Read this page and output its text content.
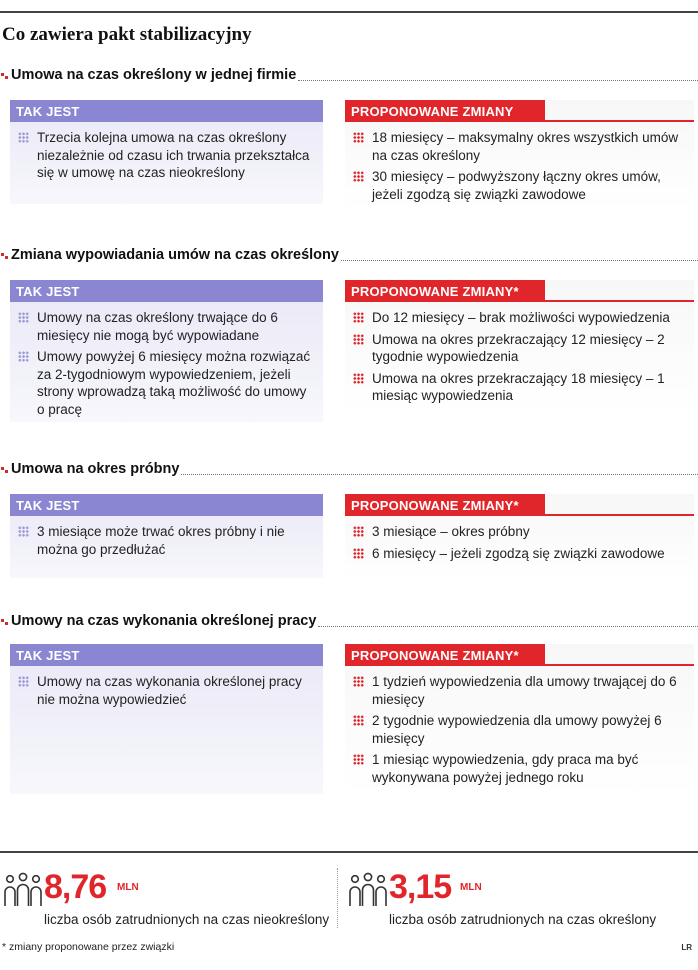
Co zawiera pakt stabilizacyjny
Umowa na czas określony w jednej firmie
TAK JEST
Trzecia kolejna umowa na czas określony niezależnie od czasu ich trwania przekształca się w umowę na czas nieokreślony
PROPONOWANE ZMIANY
18 miesięcy – maksymalny okres wszystkich umów na czas określony
30 miesięcy – podwyższony łączny okres umów, jeżeli zgodzą się związki zawodowe
Zmiana wypowiadania umów na czas określony
TAK JEST
Umowy na czas określony trwające do 6 miesięcy nie mogą być wypowiadane
Umowy powyżej 6 miesięcy można rozwiązać za 2-tygodniowym wypowiedzeniem, jeżeli strony wprowadzą taką możliwość do umowy o pracę
PROPONOWANE ZMIANY*
Do 12 miesięcy – brak możliwości wypowiedzenia
Umowa na okres przekraczający 12 miesięcy – 2 tygodnie wypowiedzenia
Umowa na okres przekraczający 18 miesięcy – 1 miesiąc wypowiedzenia
Umowa na okres próbny
TAK JEST
3 miesiące może trwać okres próbny i nie można go przedłużać
PROPONOWANE ZMIANY*
3 miesiące – okres próbny
6 miesięcy – jeżeli zgodzą się związki zawodowe
Umowy na czas wykonania określonej pracy
TAK JEST
Umowy na czas wykonania określonej pracy nie można wypowiedzieć
PROPONOWANE ZMIANY*
1 tydzień wypowiedzenia dla umowy trwającej do 6 miesięcy
2 tygodnie wypowiedzenia dla umowy powyżej 6 miesięcy
1 miesiąc wypowiedzenia, gdy praca ma być wykonywana powyżej jednego roku
8,76 MLN
liczba osób zatrudnionych na czas nieokreślony
3,15 MLN
liczba osób zatrudnionych na czas określony
* zmiany proponowane przez związki	LR
